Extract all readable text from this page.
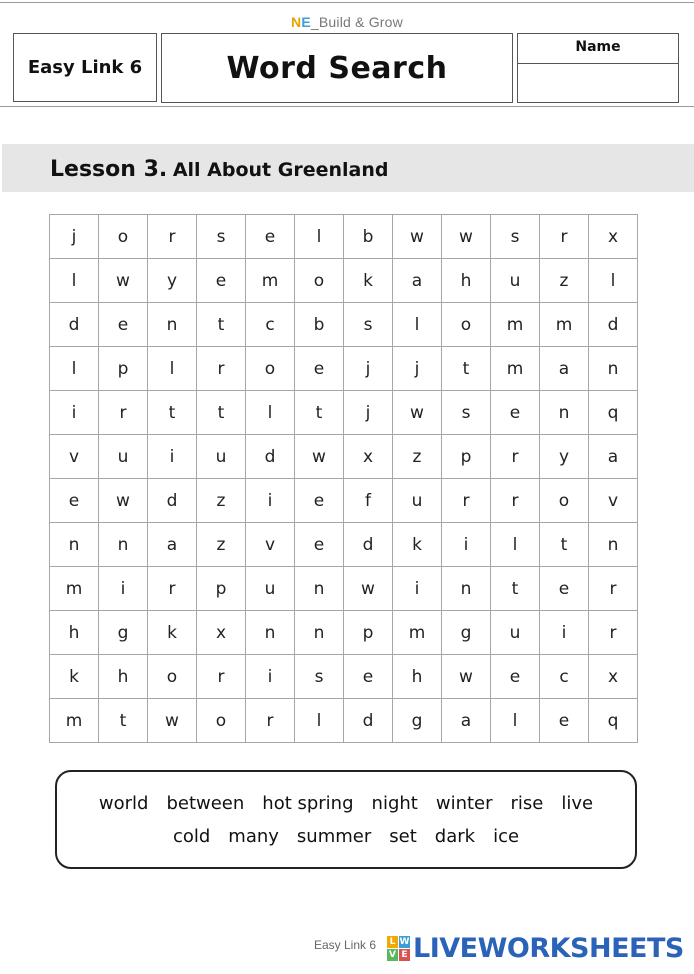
NE_Build & Grow
Easy Link 6	Word Search
Name
Lesson 3. All About Greenland
j	o	r	s	e	l	b	w	w	s	r	x
l	w	y	e	m	o	k	a	h	u	z	l
d	e	n	t	c	b	s	l	o	m	m	d
l	p	l	r	o	e	j	j	t	m	a	n
i	r	t	t	l	t	j	w	s	e	n	q
v	u	i	u	d	w	x	z	p	r	y	a
e	w	d	z	i	e	f	u	r	r	o	v
n	n	a	z	v	e	d	k	i	l	t	n
m	i	r	p	u	n	w	i	n	t	e	r
h	g	k	x	n	n	p	m	g	u	i	r
k	h	o	r	i	s	e	h	w	e	c	x
m	t	w	o	r	l	d	g	a	l	e	q
world between hot spring night winter rise live
cold many summer set dark ice
Easy Link 6 L W
V E LIVEWORKSHEETS
